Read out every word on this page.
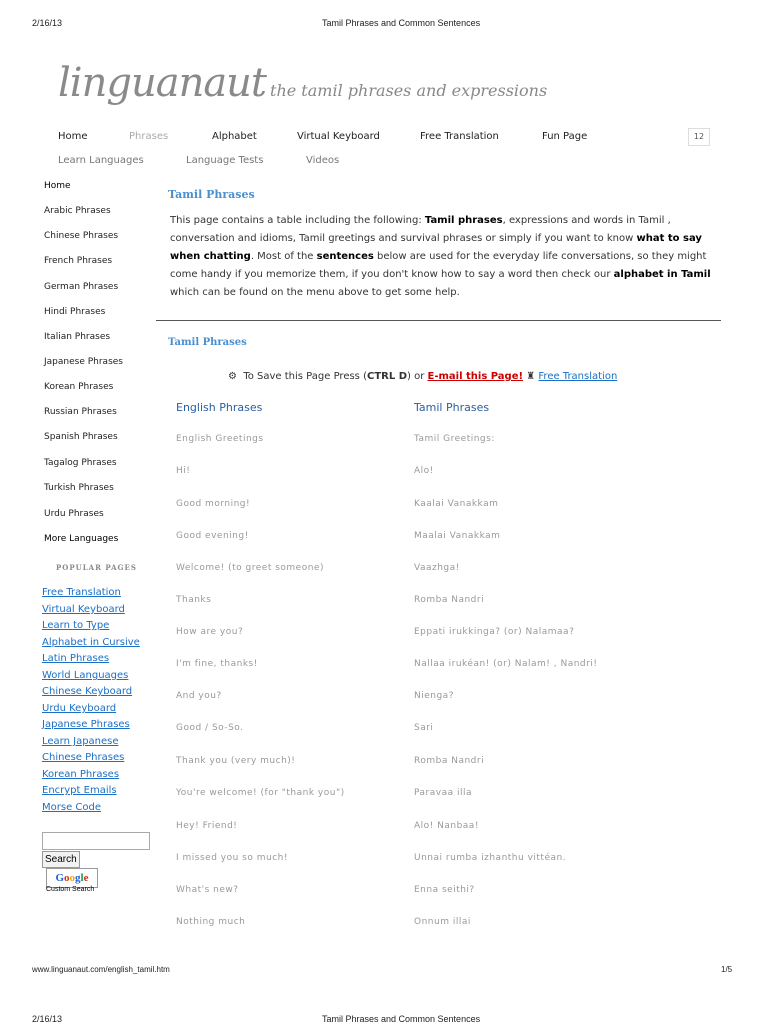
2/16/13	Tamil Phrases and Common Sentences
linguanaut the tamil phrases and expressions
Home	Phrases	Alphabet	Virtual Keyboard	Free Translation	Fun Page	12
Learn Languages	Language Tests	Videos
Home
Arabic Phrases
Chinese Phrases
French Phrases
German Phrases
Hindi Phrases
Italian Phrases
Japanese Phrases
Korean Phrases
Russian Phrases
Spanish Phrases
Tagalog Phrases
Turkish Phrases
Urdu Phrases
More Languages
POPULAR PAGES
Free Translation
Virtual Keyboard
Learn to Type
Alphabet in Cursive
Latin Phrases
World Languages
Chinese Keyboard
Urdu Keyboard
Japanese Phrases
Learn Japanese
Chinese Phrases
Korean Phrases
Encrypt Emails
Morse Code
Search
Google
Custom Search
Tamil Phrases
This page contains a table including the following: Tamil phrases, expressions and words in Tamil , conversation and idioms, Tamil greetings and survival phrases or simply if you want to know what to say when chatting. Most of the sentences below are used for the everyday life conversations, so they might come handy if you memorize them, if you don't know how to say a word then check our alphabet in Tamil which can be found on the menu above to get some help.
Tamil Phrases
⚙ To Save this Page Press (CTRL D) or E-mail this Page! ♜ Free Translation
English Phrases	Tamil Phrases
English Greetings	Tamil Greetings:
Hi!	Alo!
Good morning!	Kaalai Vanakkam
Good evening!	Maalai Vanakkam
Welcome! (to greet someone)	Vaazhga!
Thanks	Romba Nandri
How are you?	Eppati irukkinga? (or) Nalamaa?
I'm fine, thanks!	Nallaa irukéan! (or) Nalam! , Nandri!
And you?	Nienga?
Good / So-So.	Sari
Thank you (very much)!	Romba Nandri
You're welcome! (for "thank you")	Paravaa illa
Hey! Friend!	Alo! Nanbaa!
I missed you so much!	Unnai rumba izhanthu vittéan.
What's new?	Enna seithi?
Nothing much	Onnum illai
www.linguanaut.com/english_tamil.htm	1/5
2/16/13	Tamil Phrases and Common Sentences
